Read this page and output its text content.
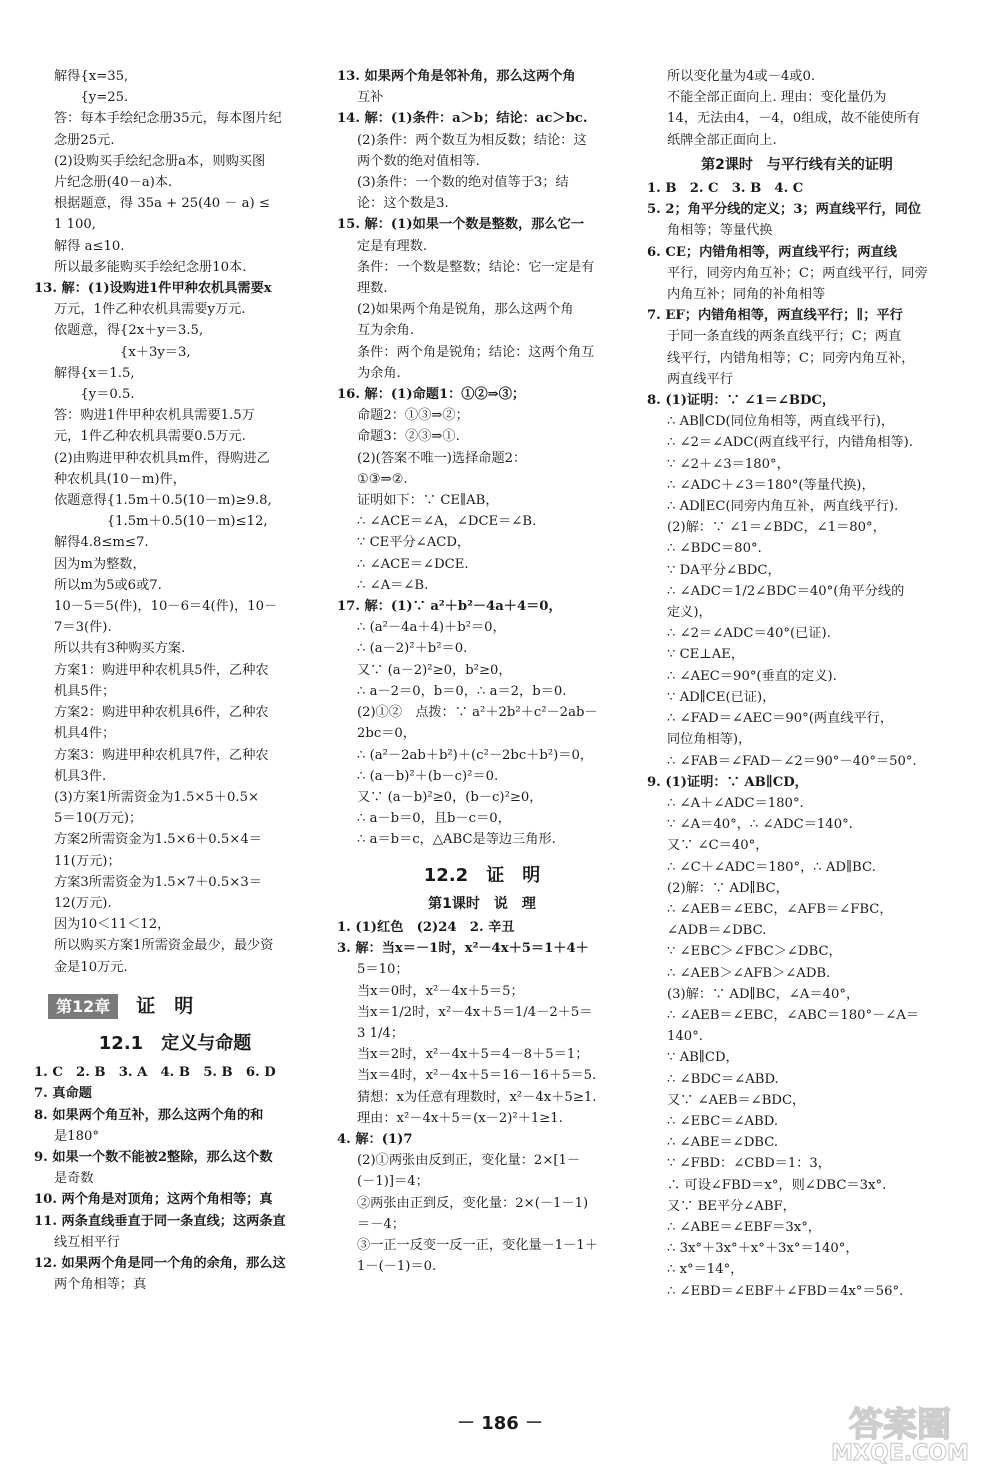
解得{x=35,
　　{y=25.
答：每本手绘纪念册35元，每本图片纪
念册25元.
(2)设购买手绘纪念册a本，则购买图
片纪念册(40－a)本.
根据题意，得 35a + 25(40 － a) ≤
1 100,
解得 a≤10.
所以最多能购买手绘纪念册10本.
13. 解：(1)设购进1件甲种农机具需要x
万元，1件乙种农机具需要y万元.
依题意，得{2x＋y＝3.5,
　　　　　{x＋3y＝3,
解得{x＝1.5,
　　{y＝0.5.
答：购进1件甲种农机具需要1.5万
元，1件乙种农机具需要0.5万元.
(2)由购进甲种农机具m件，得购进乙
种农机具(10－m)件，
依题意得{1.5m＋0.5(10－m)≥9.8,
　　　　{1.5m＋0.5(10－m)≤12,
解得4.8≤m≤7.
因为m为整数，
所以m为5或6或7.
10－5＝5(件)，10－6＝4(件)，10－
7＝3(件).
所以共有3种购买方案.
方案1：购进甲种农机具5件，乙种农
机具5件；
方案2：购进甲种农机具6件，乙种农
机具4件；
方案3：购进甲种农机具7件，乙种农
机具3件.
(3)方案1所需资金为1.5×5＋0.5×
5＝10(万元)；
方案2所需资金为1.5×6＋0.5×4＝
11(万元)；
方案3所需资金为1.5×7＋0.5×3＝
12(万元).
因为10＜11＜12，
所以购买方案1所需资金最少，最少资
金是10万元.
第12章	证　明
12.1　定义与命题
1. C　2. B　3. A　4. B　5. B　6. D
7. 真命题
8. 如果两个角互补，那么这两个角的和
是180°
9. 如果一个数不能被2整除，那么这个数
是奇数
10. 两个角是对顶角；这两个角相等；真
11. 两条直线垂直于同一条直线；这两条直
线互相平行
12. 如果两个角是同一个角的余角，那么这
两个角相等；真
13. 如果两个角是邻补角，那么这两个角
互补
14. 解：(1)条件：a＞b；结论：ac＞bc.
(2)条件：两个数互为相反数；结论：这
两个数的绝对值相等.
(3)条件：一个数的绝对值等于3；结
论：这个数是3.
15. 解：(1)如果一个数是整数，那么它一
定是有理数.
条件：一个数是整数；结论：它一定是有
理数.
(2)如果两个角是锐角，那么这两个角
互为余角.
条件：两个角是锐角；结论：这两个角互
为余角.
16. 解：(1)命题1：①②⇒③；
命题2：①③⇒②；
命题3：②③⇒①.
(2)(答案不唯一)选择命题2：
①③⇒②.
证明如下：∵ CE∥AB，
∴ ∠ACE＝∠A，∠DCE＝∠B.
∵ CE平分∠ACD，
∴ ∠ACE＝∠DCE.
∴ ∠A＝∠B.
17. 解：(1)∵ a²＋b²－4a＋4＝0，
∴ (a²－4a＋4)＋b²＝0，
∴ (a－2)²＋b²＝0.
又∵ (a－2)²≥0，b²≥0，
∴ a－2＝0，b＝0，∴ a＝2，b＝0.
(2)①②　点拨：∵ a²＋2b²＋c²－2ab－
2bc＝0，
∴ (a²－2ab＋b²)＋(c²－2bc＋b²)＝0，
∴ (a－b)²＋(b－c)²＝0.
又∵ (a－b)²≥0，(b－c)²≥0，
∴ a－b＝0，且b－c＝0，
∴ a＝b＝c，△ABC是等边三角形.
12.2　证　明
第1课时　说　理
1. (1)红色　(2)24　2. 辛丑
3. 解：当x＝－1时，x²－4x＋5＝1＋4＋
5＝10；
当x＝0时，x²－4x＋5＝5；
当x＝1/2时，x²－4x＋5＝1/4－2＋5＝
3 1/4；
当x＝2时，x²－4x＋5＝4－8＋5＝1；
当x＝4时，x²－4x＋5＝16－16＋5＝5.
猜想：x为任意有理数时，x²－4x＋5≥1.
理由：x²－4x＋5＝(x－2)²＋1≥1.
4. 解：(1)7
(2)①两张由反到正，变化量：2×[1－
(－1)]＝4；
②两张由正到反，变化量：2×(－1－1)
＝－4；
③一正一反变一反一正，变化量－1－1＋
1－(－1)＝0.
所以变化量为4或－4或0.
不能全部正面向上. 理由：变化量仍为
14，无法由4，－4，0组成，故不能使所有
纸牌全部正面向上.
第2课时　与平行线有关的证明
1. B　2. C　3. B　4. C
5. 2；角平分线的定义；3；两直线平行，同位
角相等；等量代换
6. CE；内错角相等，两直线平行；两直线
平行，同旁内角互补；C；两直线平行，同旁
内角互补；同角的补角相等
7. EF；内错角相等，两直线平行；∥；平行
于同一条直线的两条直线平行；C；两直
线平行，内错角相等；C；同旁内角互补，
两直线平行
8. (1)证明：∵ ∠1＝∠BDC，
∴ AB∥CD(同位角相等，两直线平行)，
∴ ∠2＝∠ADC(两直线平行，内错角相等).
∵ ∠2＋∠3＝180°，
∴ ∠ADC＋∠3＝180°(等量代换)，
∴ AD∥EC(同旁内角互补，两直线平行).
(2)解：∵ ∠1＝∠BDC，∠1＝80°，
∴ ∠BDC＝80°.
∵ DA平分∠BDC，
∴ ∠ADC＝1/2∠BDC＝40°(角平分线的
定义)，
∴ ∠2＝∠ADC＝40°(已证).
∵ CE⊥AE，
∴ ∠AEC＝90°(垂直的定义).
∵ AD∥CE(已证)，
∴ ∠FAD＝∠AEC＝90°(两直线平行，
同位角相等)，
∴ ∠FAB＝∠FAD－∠2＝90°－40°＝50°.
9. (1)证明：∵ AB∥CD，
∴ ∠A＋∠ADC＝180°.
∵ ∠A＝40°，∴ ∠ADC＝140°.
又∵ ∠C＝40°，
∴ ∠C＋∠ADC＝180°，∴ AD∥BC.
(2)解：∵ AD∥BC，
∴ ∠AEB＝∠EBC，∠AFB＝∠FBC，
∠ADB＝∠DBC.
∵ ∠EBC＞∠FBC＞∠DBC，
∴ ∠AEB＞∠AFB＞∠ADB.
(3)解：∵ AD∥BC，∠A＝40°，
∴ ∠AEB＝∠EBC，∠ABC＝180°－∠A＝
140°.
∵ AB∥CD，
∴ ∠BDC＝∠ABD.
又∵ ∠AEB＝∠BDC，
∴ ∠EBC＝∠ABD.
∴ ∠ABE＝∠DBC.
∵ ∠FBD：∠CBD＝1：3，
∴ 可设∠FBD＝x°，则∠DBC＝3x°.
又∵ BE平分∠ABF，
∴ ∠ABE＝∠EBF＝3x°，
∴ 3x°＋3x°＋x°＋3x°＝140°，
∴ x°＝14°，
∴ ∠EBD＝∠EBF＋∠FBD＝4x°＝56°.
－ 186 －	答案圈
MXQE.COM
